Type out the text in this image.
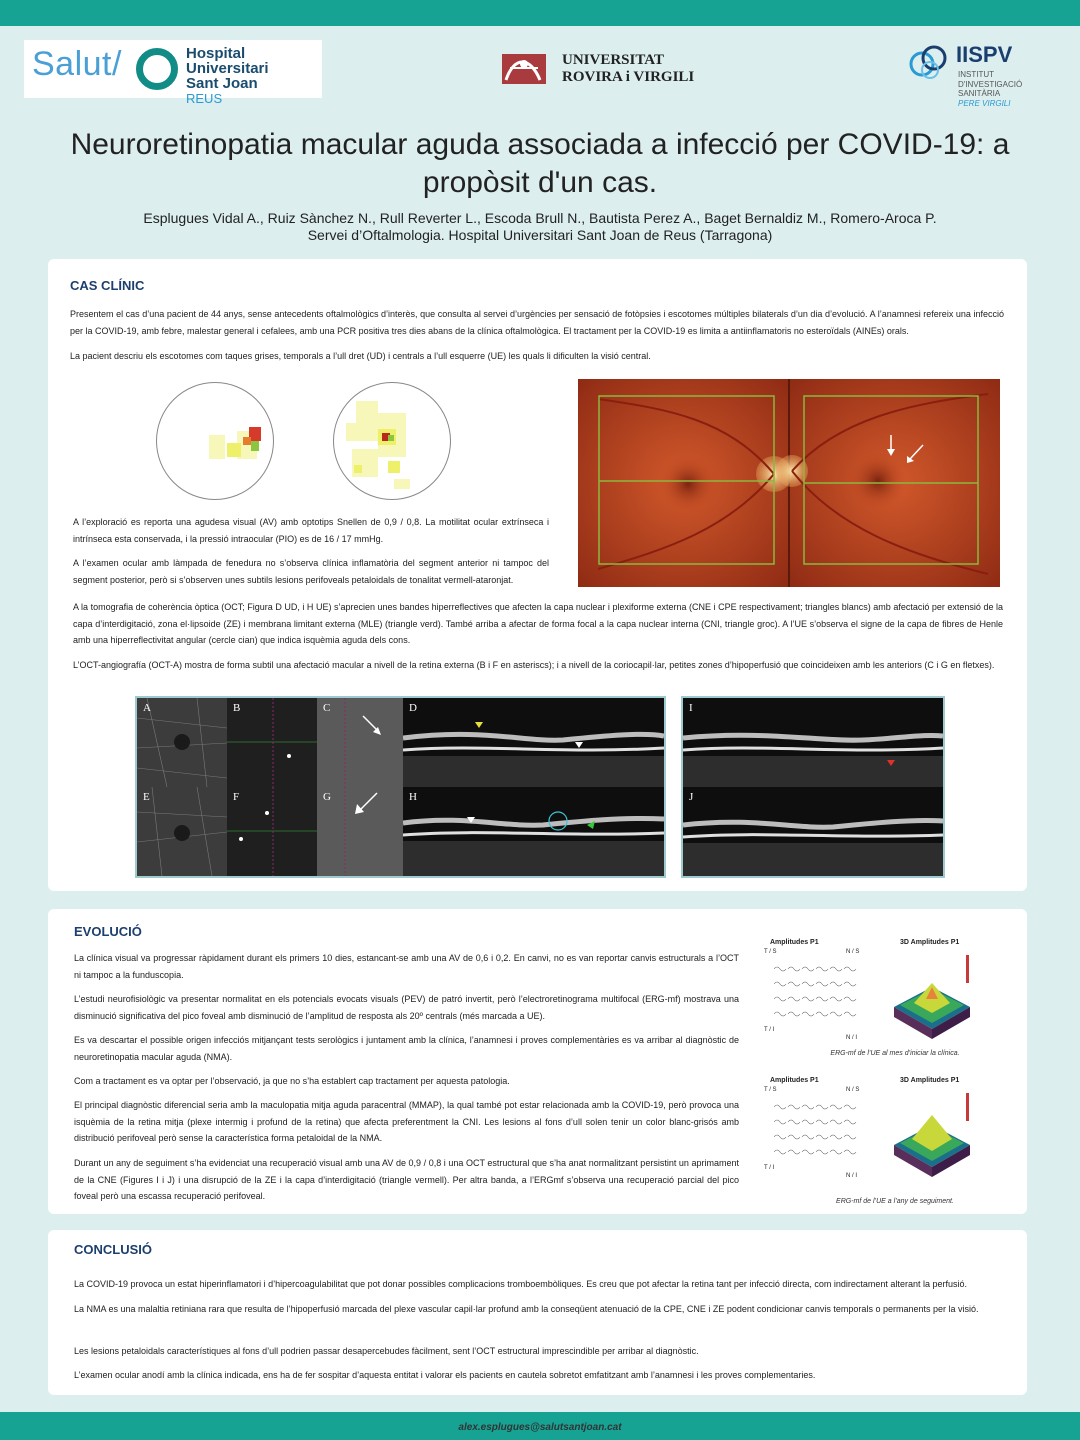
Salut/	Hospital Universitari
Sant Joan
REUS
UNIVERSITAT
ROVIRA i VIRGILI
IISPV
INSTITUT
D'INVESTIGACIÓ
SANITÀRIA
PERE VIRGILI
Neuroretinopatia macular aguda associada a infecció per COVID-19: a propòsit d'un cas.
Esplugues Vidal A., Ruiz Sànchez N., Rull Reverter L., Escoda Brull N., Bautista Perez A., Baget Bernaldiz M., Romero-Aroca P.
Servei d’Oftalmologia. Hospital Universitari Sant Joan de Reus (Tarragona)
CAS CLÍNIC
Presentem el cas d’una pacient de 44 anys, sense antecedents oftalmològics d’interès, que consulta al servei d’urgències per sensació de fotòpsies i escotomes múltiples bilaterals d’un dia d’evolució. A l’anamnesi refereix una infecció per la COVID-19, amb febre, malestar general i cefalees, amb una PCR positiva tres dies abans de la clínica oftalmològica. El tractament per la COVID-19 es limita a antiinflamatoris no esteroïdals (AINEs) orals.
La pacient descriu els escotomes com taques grises, temporals a l’ull dret (UD) i centrals a l’ull esquerre (UE) les quals li dificulten la visió central.
A l’exploració es reporta una agudesa visual (AV) amb optotips Snellen de 0,9 / 0,8. La motilitat ocular extrínseca i intrínseca esta conservada, i la pressió intraocular (PIO) es de 16 / 17 mmHg.
A l’examen ocular amb làmpada de fenedura no s’observa clínica inflamatòria del segment anterior ni tampoc del segment posterior, però si s’observen unes subtils lesions perifoveals petaloidals de tonalitat vermell-ataronjat.
A la tomografia de coherència òptica (OCT; Figura D UD, i H UE) s’aprecien unes bandes hiperreflectives que afecten la capa nuclear i plexiforme externa (CNE i CPE respectivament; triangles blancs) amb afectació per extensió de la capa d’interdigitació, zona el·lipsoide (ZE) i membrana limitant externa (MLE) (triangle verd). També arriba a afectar de forma focal a la capa nuclear interna (CNI, triangle groc). A l’UE s’observa el signe de la capa de fibres de Henle amb una hiperreflectivitat angular (cercle cian) que indica isquèmia aguda dels cons.
L’OCT-angiografía (OCT-A) mostra de forma subtil una afectació macular a nivell de la retina externa (B i F en asteriscs); i a nivell de la coriocapil·lar, petites zones d’hipoperfusió que coincideixen amb les anteriors (C i G en fletxes).
A	B	C	D
E	F	G	H
I
J
EVOLUCIÓ
La clínica visual va progressar ràpidament durant els primers 10 dies, estancant-se amb una AV de 0,6 i 0,2. En canvi, no es van reportar canvis estructurals a l’OCT ni tampoc a la funduscopia.
L’estudi neurofisiològic va presentar normalitat en els potencials evocats visuals (PEV) de patró invertit, però l’electroretinograma multifocal (ERG-mf) mostrava una disminució significativa del pico foveal amb disminució de l’amplitud de resposta als 20º centrals (més marcada a UE).
Es va descartar el possible origen infecciós mitjançant tests serològics i juntament amb la clínica, l’anamnesi i proves complementàries es va arribar al diagnòstic de neuroretinopatia macular aguda (NMA).
Com a tractament es va optar per l’observació, ja que no s’ha establert cap tractament per aquesta patologia.
El principal diagnòstic diferencial seria amb la maculopatia mitja aguda paracentral (MMAP), la qual també pot estar relacionada amb la COVID-19, però provoca una isquèmia de la retina mitja (plexe intermig i profund de la retina) que afecta preferentment la CNI. Les lesions al fons d’ull solen tenir un color blanc-grisós amb distribució perifoveal però sense la característica forma petaloidal de la NMA.
Durant un any de seguiment s’ha evidenciat una recuperació visual amb una AV de 0,9 / 0,8 i una OCT estructural que s’ha anat normalitzant persistint un aprimament de la CNE (Figures I i J) i una disrupció de la ZE i la capa d’interdigitació (triangle vermell). Per altra banda, a l’ERGmf s’observa una recuperació parcial del pico foveal però una escassa recuperació perifoveal.
Amplitudes P1	3D Amplitudes P1
T / S	N / S
T / I
N / I
ERG-mf de l’UE al mes d’iniciar la clínica.
Amplitudes P1	3D Amplitudes P1
T / S	N / S
T / I
N / I
ERG-mf de l’UE a l’any de seguiment.
CONCLUSIÓ
La COVID-19 provoca un estat hiperinflamatori i d’hipercoagulabilitat que pot donar possibles complicacions tromboembòliques. Es creu que pot afectar la retina tant per infecció directa, com indirectament alterant la perfusió.
La NMA es una malaltia retiniana rara que resulta de l’hipoperfusió marcada del plexe vascular capil·lar profund amb la conseqüent atenuació de la CPE, CNE i ZE podent condicionar canvis temporals o permanents per la visió.
Les lesions petaloidals característiques al fons d’ull podrien passar desapercebudes fàcilment, sent l’OCT estructural imprescindible per arribar al diagnòstic.
L’examen ocular anodí amb la clínica indicada, ens ha de fer sospitar d’aquesta entitat i valorar els pacients en cautela sobretot emfatitzant amb l’anamnesi i les proves complementaries.
alex.esplugues@salutsantjoan.cat
